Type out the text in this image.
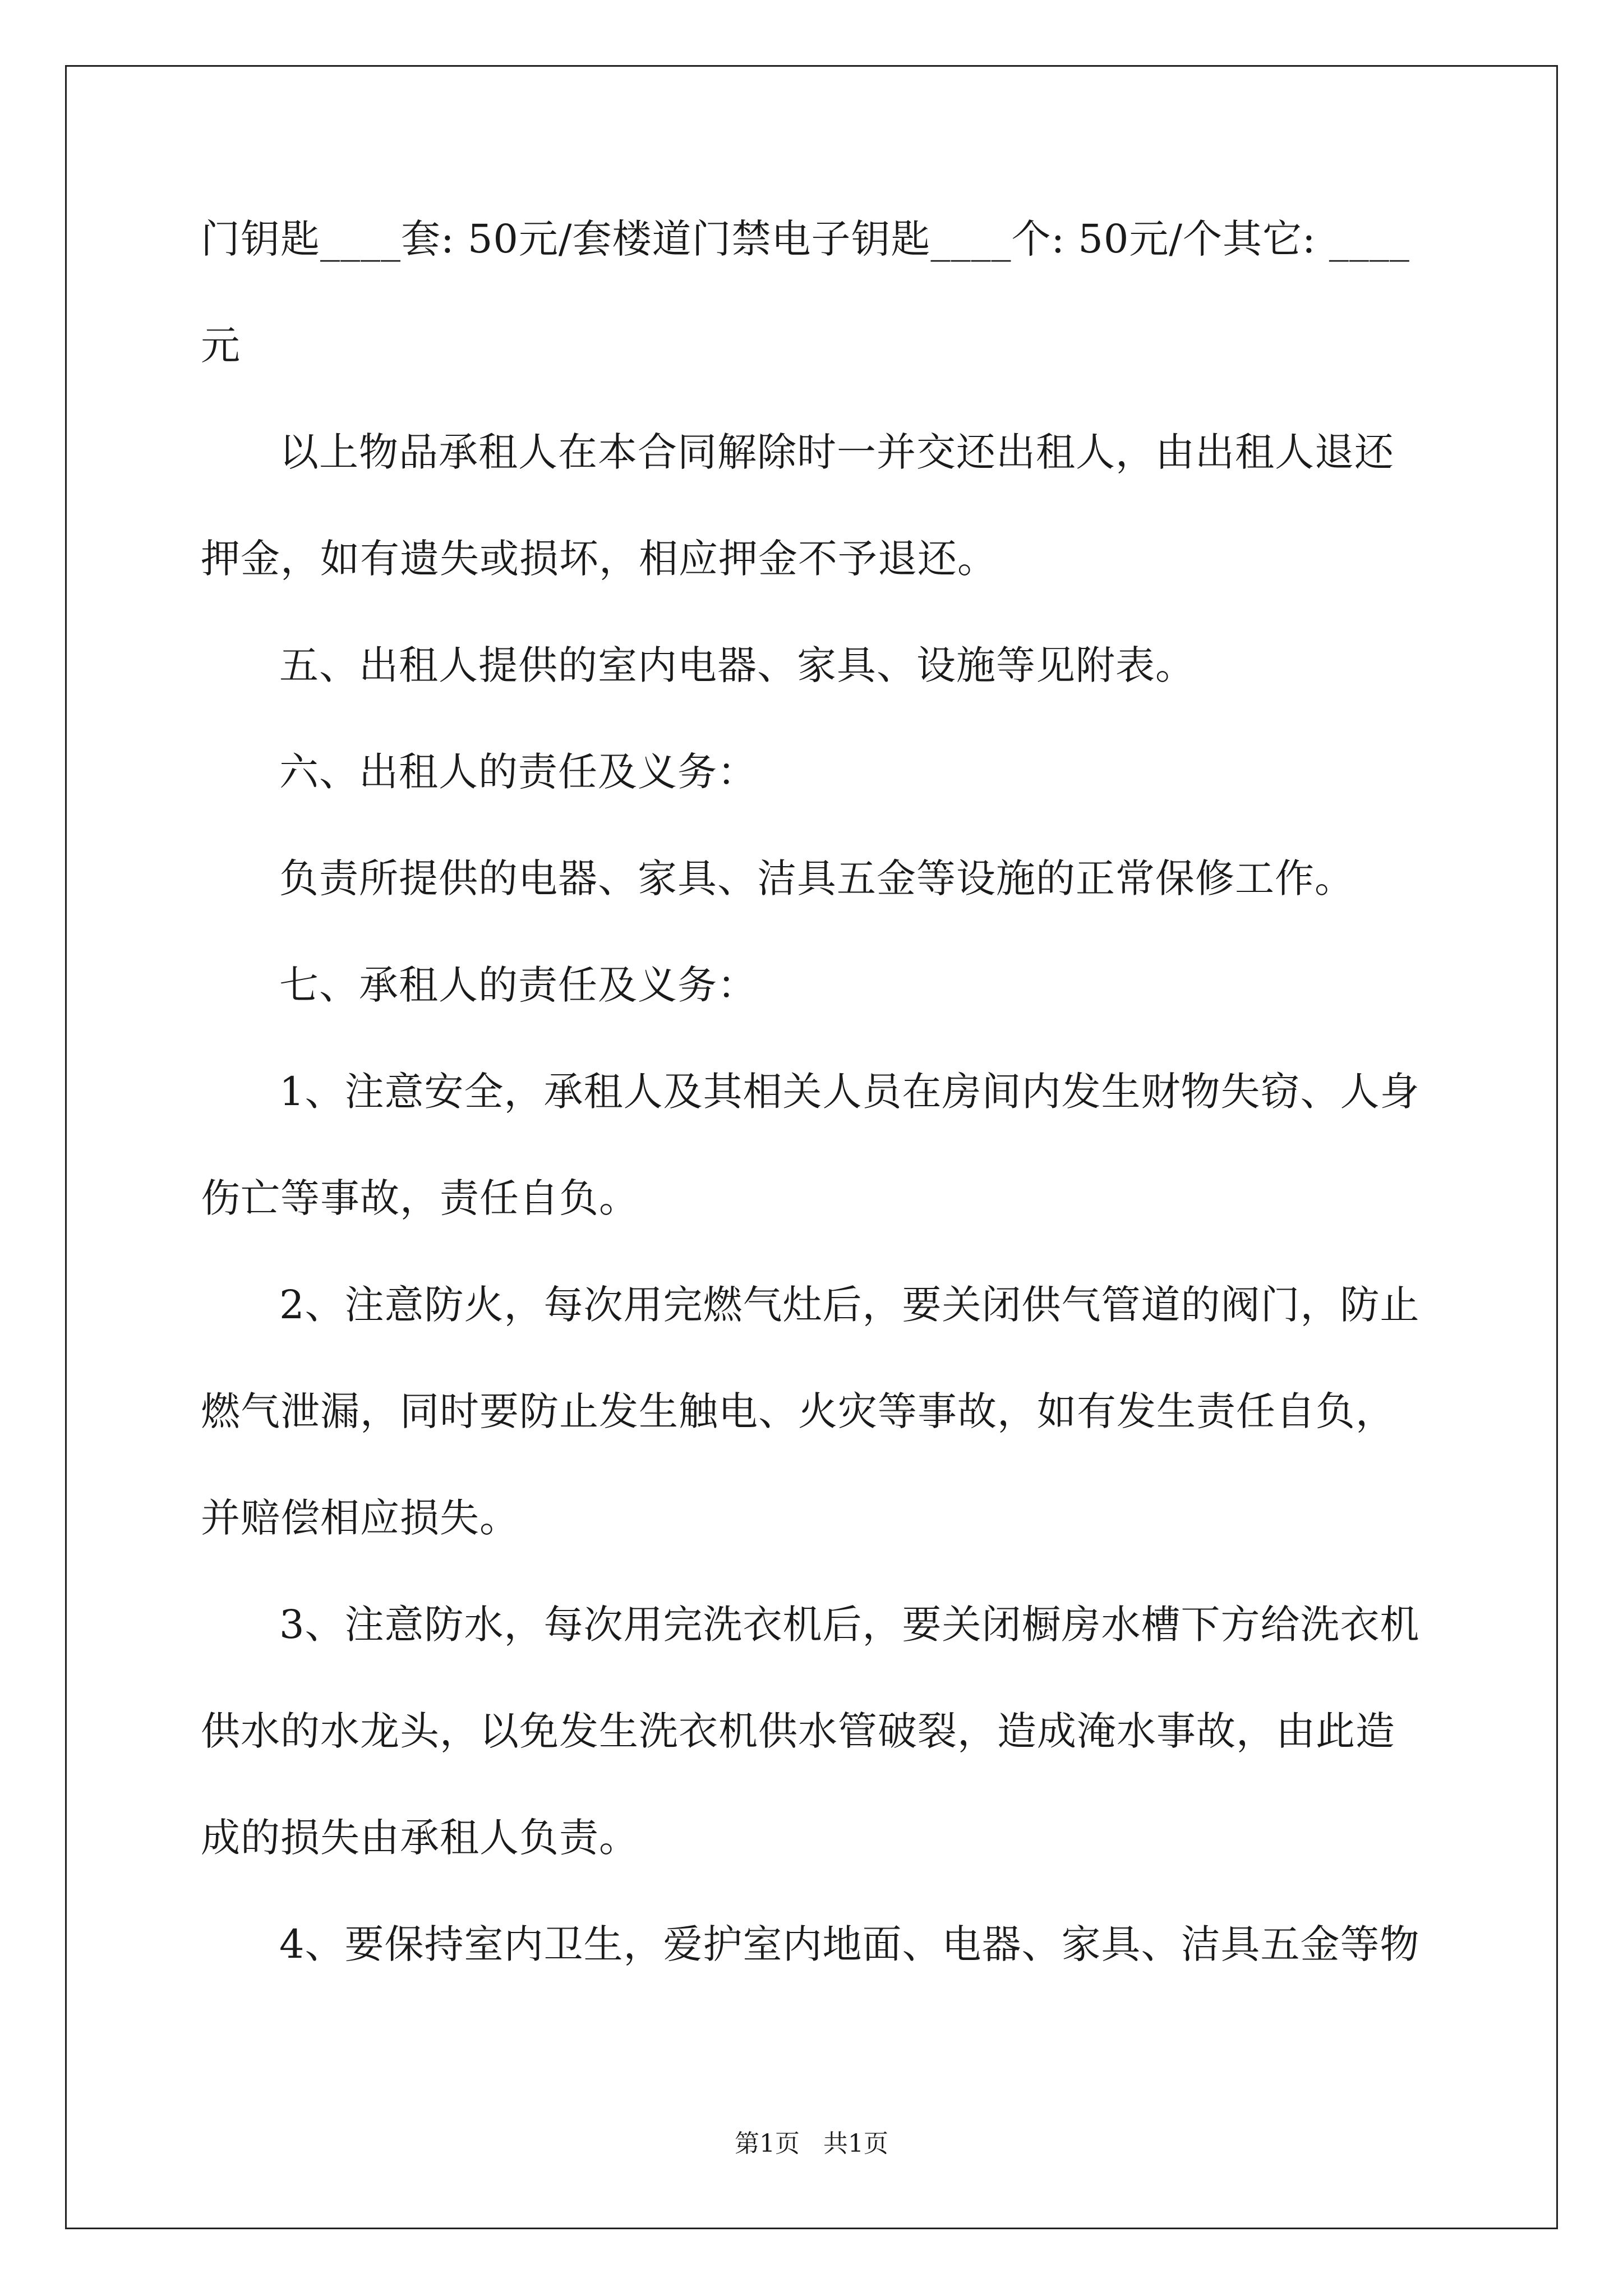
门钥匙____套: 50元/套楼道门禁电子钥匙____个: 50元/个其它: ____
元
以上物品承租人在本合同解除时一并交还出租人，由出租人退还
押金，如有遗失或损坏，相应押金不予退还。
五、出租人提供的室内电器、家具、设施等见附表。
六、出租人的责任及义务：
负责所提供的电器、家具、洁具五金等设施的正常保修工作。
七、承租人的责任及义务：
1、注意安全，承租人及其相关人员在房间内发生财物失窃、人身
伤亡等事故，责任自负。
2、注意防火，每次用完燃气灶后，要关闭供气管道的阀门，防止
燃气泄漏，同时要防止发生触电、火灾等事故，如有发生责任自负，
并赔偿相应损失。
3、注意防水，每次用完洗衣机后，要关闭橱房水槽下方给洗衣机
供水的水龙头，以免发生洗衣机供水管破裂，造成淹水事故，由此造
成的损失由承租人负责。
4、要保持室内卫生，爱护室内地面、电器、家具、洁具五金等物
第1页   共1页
